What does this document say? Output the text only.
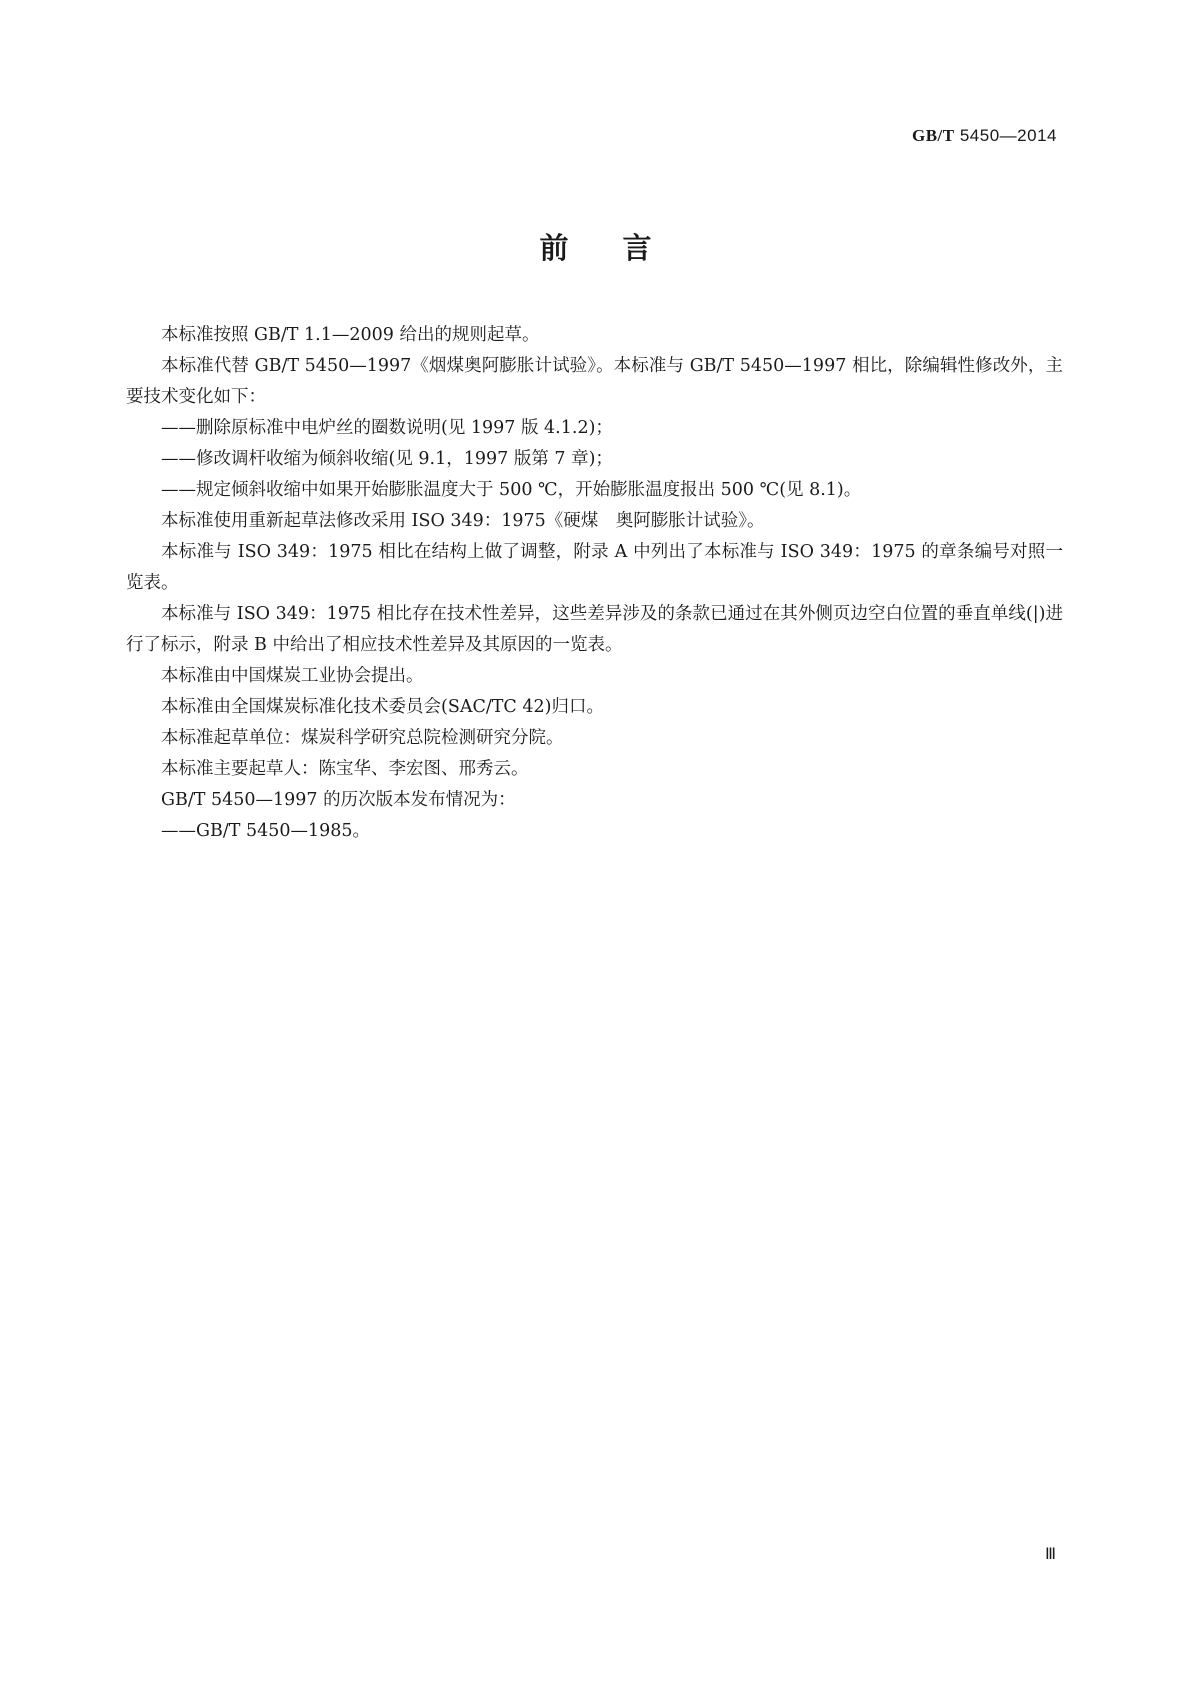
GB/T 5450—2014
前言

本标准按照 GB/T 1.1—2009 给出的规则起草。

本标准代替 GB/T 5450—1997《烟煤奥阿膨胀计试验》。本标准与 GB/T 5450—1997 相比，除编辑性修改外，主要技术变化如下：

——删除原标准中电炉丝的圈数说明(见 1997 版 4.1.2)；

——修改调杆收缩为倾斜收缩(见 9.1，1997 版第 7 章)；

——规定倾斜收缩中如果开始膨胀温度大于 500 ℃，开始膨胀温度报出 500 ℃(见 8.1)。

本标准使用重新起草法修改采用 ISO 349：1975《硬煤　奥阿膨胀计试验》。

本标准与 ISO 349：1975 相比在结构上做了调整，附录 A 中列出了本标准与 ISO 349：1975 的章条编号对照一览表。

本标准与 ISO 349：1975 相比存在技术性差异，这些差异涉及的条款已通过在其外侧页边空白位置的垂直单线(|)进行了标示，附录 B 中给出了相应技术性差异及其原因的一览表。

本标准由中国煤炭工业协会提出。

本标准由全国煤炭标准化技术委员会(SAC/TC 42)归口。

本标准起草单位：煤炭科学研究总院检测研究分院。

本标准主要起草人：陈宝华、李宏图、邢秀云。

GB/T 5450—1997 的历次版本发布情况为：

——GB/T 5450—1985。

Ⅲ
